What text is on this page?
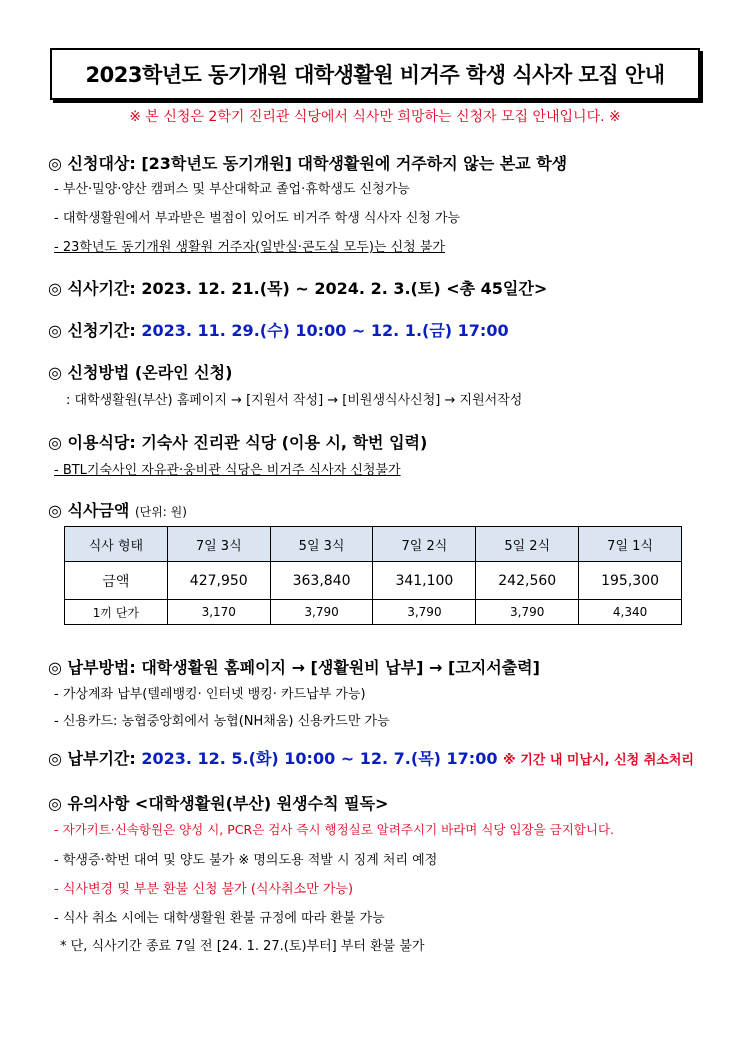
2023학년도 동기개원 대학생활원 비거주 학생 식사자 모집 안내
※ 본 신청은 2학기 진리관 식당에서 식사만 희망하는 신청자 모집 안내입니다. ※
◎ 신청대상: [23학년도 동기개원] 대학생활원에 거주하지 않는 본교 학생
- 부산·밀양·양산 캠퍼스 및 부산대학교 졸업·휴학생도 신청가능
- 대학생활원에서 부과받은 벌점이 있어도 비거주 학생 식사자 신청 가능
- 23학년도 동기개원 생활원 거주자(일반실·콘도실 모두)는 신청 불가
◎ 식사기간: 2023. 12. 21.(목) ~ 2024. 2. 3.(토) <총 45일간>
◎ 신청기간: 2023. 11. 29.(수) 10:00 ~ 12. 1.(금) 17:00
◎ 신청방법 (온라인 신청)
: 대학생활원(부산) 홈페이지 → [지원서 작성] → [비원생식사신청] → 지원서작성
◎ 이용식당: 기숙사 진리관 식당 (이용 시, 학번 입력)
- BTL기숙사인 자유관·웅비관 식당은 비거주 식사자 신청불가
◎ 식사금액 (단위: 원)
식사 형태	7일 3식	5일 3식	7일 2식	5일 2식	7일 1식
금액	427,950	363,840	341,100	242,560	195,300
1끼 단가	3,170	3,790	3,790	3,790	4,340
◎ 납부방법: 대학생활원 홈페이지 → [생활원비 납부] → [고지서출력]
- 가상계좌 납부(텔레뱅킹· 인터넷 뱅킹· 카드납부 가능)
- 신용카드: 농협중앙회에서 농협(NH채움) 신용카드만 가능
◎ 납부기간: 2023. 12. 5.(화) 10:00 ~ 12. 7.(목) 17:00 ※ 기간 내 미납시, 신청 취소처리
◎ 유의사항 <대학생활원(부산) 원생수칙 필독>
- 자가키트·신속항원은 양성 시, PCR은 검사 즉시 행정실로 알려주시기 바라며 식당 입장을 금지합니다.
- 학생증·학번 대여 및 양도 불가 ※ 명의도용 적발 시 징계 처리 예정
- 식사변경 및 부분 환불 신청 불가 (식사취소만 가능)
- 식사 취소 시에는 대학생활원 환불 규정에 따라 환불 가능
* 단, 식사기간 종료 7일 전 [24. 1. 27.(토)부터] 부터 환불 불가
